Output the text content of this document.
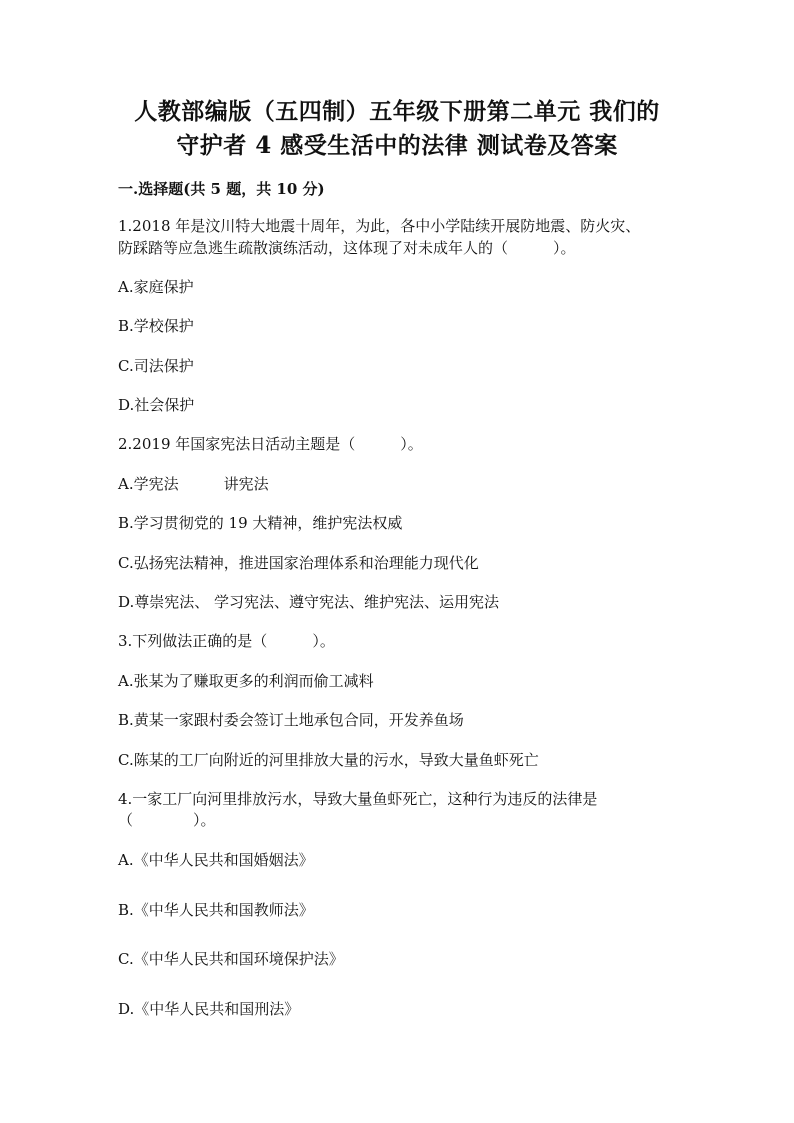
人教部编版（五四制）五年级下册第二单元 我们的
守护者 4 感受生活中的法律 测试卷及答案
一.选择题(共 5 题，共 10 分)
1.2018 年是汶川特大地震十周年，为此，各中小学陆续开展防地震、防火灾、
防踩踏等应急逃生疏散演练活动，这体现了对未成年人的（　　　）。
A.家庭保护
B.学校保护
C.司法保护
D.社会保护
2.2019 年国家宪法日活动主题是（　　　）。
A.学宪法　　　讲宪法
B.学习贯彻党的 19 大精神，维护宪法权威
C.弘扬宪法精神，推进国家治理体系和治理能力现代化
D.尊崇宪法、 学习宪法、遵守宪法、维护宪法、运用宪法
3.下列做法正确的是（　　　）。
A.张某为了赚取更多的利润而偷工减料
B.黄某一家跟村委会签订土地承包合同，开发养鱼场
C.陈某的工厂向附近的河里排放大量的污水，导致大量鱼虾死亡
4.一家工厂向河里排放污水，导致大量鱼虾死亡，这种行为违反的法律是
（　　　　）。
A.《中华人民共和国婚姻法》
B.《中华人民共和国教师法》
C.《中华人民共和国环境保护法》
D.《中华人民共和国刑法》
